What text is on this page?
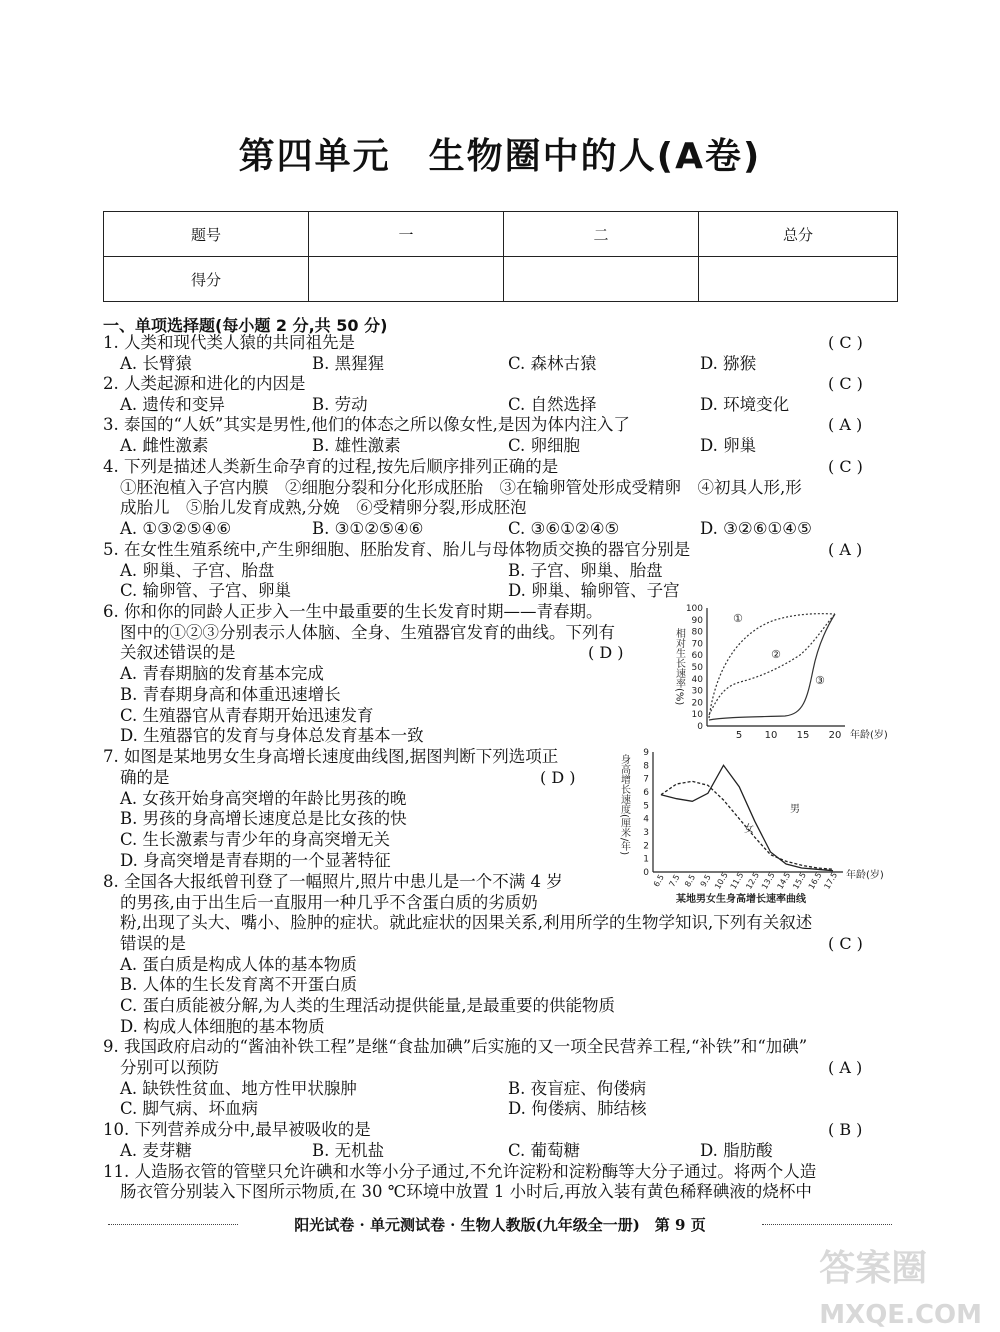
第四单元　生物圈中的人(A卷)
题号	一	二	总分
得分			
一、单项选择题(每小题 2 分,共 50 分)
1. 人类和现代类人猿的共同祖先是	( C )
A. 长臂猿	B. 黑猩猩	C. 森林古猿	D. 猕猴
2. 人类起源和进化的内因是	( C )
A. 遗传和变异	B. 劳动	C. 自然选择	D. 环境变化
3. 泰国的“人妖”其实是男性,他们的体态之所以像女性,是因为体内注入了	( A )
A. 雌性激素	B. 雄性激素	C. 卵细胞	D. 卵巢
4. 下列是描述人类新生命孕育的过程,按先后顺序排列正确的是	( C )
①胚泡植入子宫内膜　②细胞分裂和分化形成胚胎　③在输卵管处形成受精卵　④初具人形,形
成胎儿　⑤胎儿发育成熟,分娩　⑥受精卵分裂,形成胚泡
A. ①③②⑤④⑥	B. ③①②⑤④⑥	C. ③⑥①②④⑤	D. ③②⑥①④⑤
5. 在女性生殖系统中,产生卵细胞、胚胎发育、胎儿与母体物质交换的器官分别是	( A )
A. 卵巢、子宫、胎盘	B. 子宫、卵巢、胎盘
C. 输卵管、子宫、卵巢	D. 卵巢、输卵管、子宫
6. 你和你的同龄人正步入一生中最重要的生长发育时期——青春期。
图中的①②③分别表示人体脑、全身、生殖器官发育的曲线。下列有
关叙述错误的是	( D )
A. 青春期脑的发育基本完成
B. 青春期身高和体重迅速增长
C. 生殖器官从青春期开始迅速发育
D. 生殖器官的发育与身体总发育基本一致
相对生长速率(%)
100
90
80
70
60
50
40
30
20
10
0
5 10 15 20 年龄(岁)
①
②
③
7. 如图是某地男女生身高增长速度曲线图,据图判断下列选项正
确的是	( D )
A. 女孩开始身高突增的年龄比男孩的晚
B. 男孩的身高增长速度总是比女孩的快
C. 生长激素与青少年的身高突增无关
D. 身高突增是青春期的一个显著特征
身高增长速度(厘米/年)
9
8
7
6
5
4
3
2
1
0 6.5 7.5 8.5 9.5 10.5
11.5
12.5
13.5
14.5
15.5
16.5
17.5 年龄(岁)
男
女
某地男女生身高增长速率曲线
8. 全国各大报纸曾刊登了一幅照片,照片中患儿是一个不满 4 岁
的男孩,由于出生后一直服用一种几乎不含蛋白质的劣质奶
粉,出现了头大、嘴小、脸肿的症状。就此症状的因果关系,利用所学的生物学知识,下列有关叙述
错误的是	( C )
A. 蛋白质是构成人体的基本物质
B. 人体的生长发育离不开蛋白质
C. 蛋白质能被分解,为人类的生理活动提供能量,是最重要的供能物质
D. 构成人体细胞的基本物质
9. 我国政府启动的“酱油补铁工程”是继“食盐加碘”后实施的又一项全民营养工程,“补铁”和“加碘”
分别可以预防	( A )
A. 缺铁性贫血、地方性甲状腺肿	B. 夜盲症、佝偻病
C. 脚气病、坏血病	D. 佝偻病、肺结核
10. 下列营养成分中,最早被吸收的是	( B )
A. 麦芽糖	B. 无机盐	C. 葡萄糖	D. 脂肪酸
11. 人造肠衣管的管壁只允许碘和水等小分子通过,不允许淀粉和淀粉酶等大分子通过。将两个人造
肠衣管分别装入下图所示物质,在 30 ℃环境中放置 1 小时后,再放入装有黄色稀释碘液的烧杯中
阳光试卷 · 单元测试卷 · 生物人教版(九年级全一册)　第 9 页
答案圈
MXQE.COM
